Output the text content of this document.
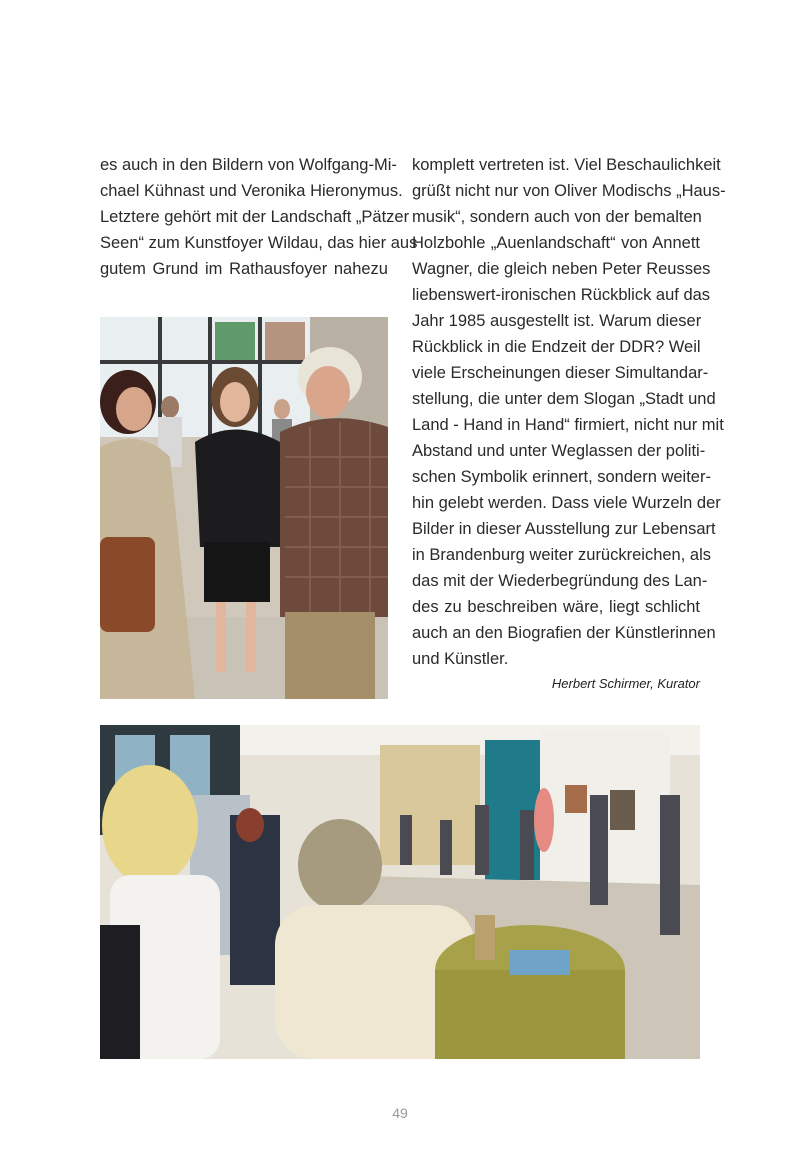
es auch in den Bildern von Wolfgang-Mi-
chael Kühnast und Veronika Hieronymus.
Letztere gehört mit der Landschaft „Pätzer
Seen“ zum Kunstfoyer Wildau, das hier aus
gutem Grund im Rathausfoyer nahezu
komplett vertreten ist. Viel Beschaulichkeit
grüßt nicht nur von Oliver Modischs „Haus-
musik“, sondern auch von der bemalten
Holzbohle „Auenlandschaft“ von Annett
Wagner, die gleich neben Peter Reusses
liebenswert-ironischen Rückblick auf das
Jahr 1985 ausgestellt ist. Warum dieser
Rückblick in die Endzeit der DDR? Weil
viele Erscheinungen dieser Simultandar-
stellung, die unter dem Slogan „Stadt und
Land - Hand in Hand“ firmiert, nicht nur mit
Abstand und unter Weglassen der politi-
schen Symbolik erinnert, sondern weiter-
hin gelebt werden. Dass viele Wurzeln der
Bilder in dieser Ausstellung zur Lebensart
in Brandenburg weiter zurückreichen, als
das mit der Wiederbegründung des Lan-
des zu beschreiben wäre, liegt schlicht
auch an den Biografien der Künstlerinnen
und Künstler.
Herbert Schirmer, Kurator
49
